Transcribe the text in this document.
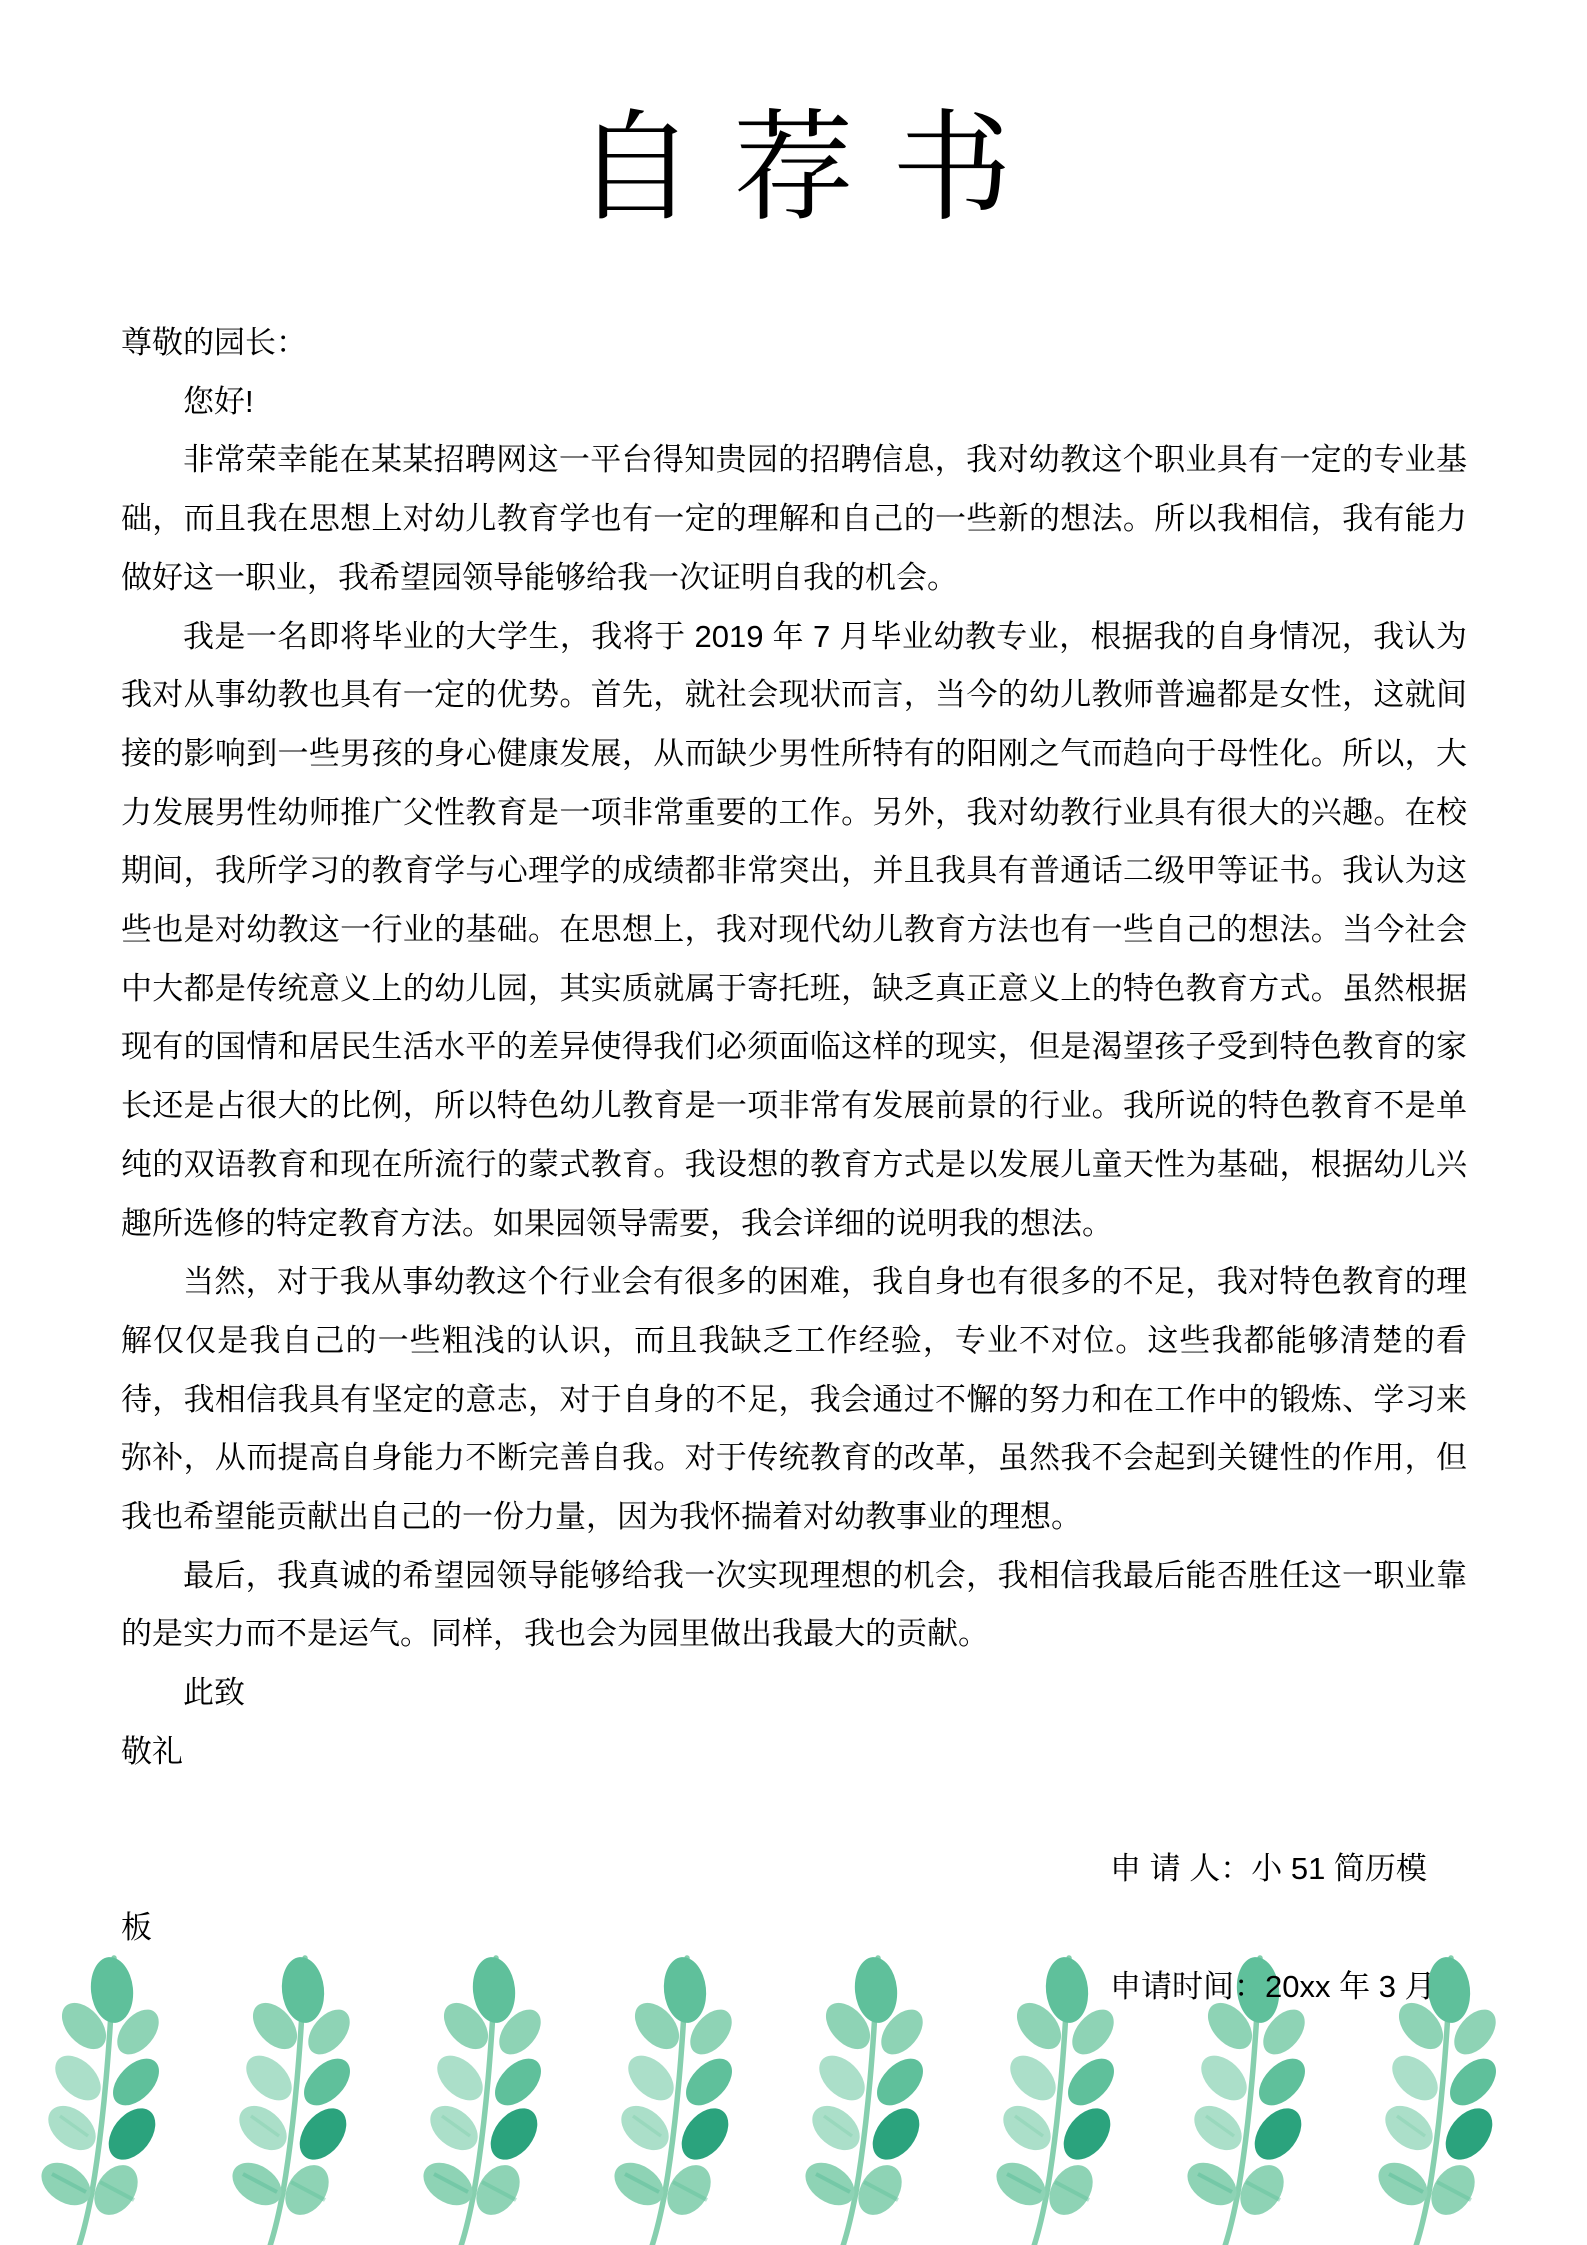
自荐书

尊敬的园长：

您好!

非常荣幸能在某某招聘网这一平台得知贵园的招聘信息，我对幼教这个职业具有一定的专业基础，而且我在思想上对幼儿教育学也有一定的理解和自己的一些新的想法。所以我相信，我有能力做好这一职业，我希望园领导能够给我一次证明自我的机会。

我是一名即将毕业的大学生，我将于 2019 年 7 月毕业幼教专业，根据我的自身情况，我认为我对从事幼教也具有一定的优势。首先，就社会现状而言，当今的幼儿教师普遍都是女性，这就间接的影响到一些男孩的身心健康发展，从而缺少男性所特有的阳刚之气而趋向于母性化。所以，大力发展男性幼师推广父性教育是一项非常重要的工作。另外，我对幼教行业具有很大的兴趣。在校期间，我所学习的教育学与心理学的成绩都非常突出，并且我具有普通话二级甲等证书。我认为这些也是对幼教这一行业的基础。在思想上，我对现代幼儿教育方法也有一些自己的想法。当今社会中大都是传统意义上的幼儿园，其实质就属于寄托班，缺乏真正意义上的特色教育方式。虽然根据现有的国情和居民生活水平的差异使得我们必须面临这样的现实，但是渴望孩子受到特色教育的家长还是占很大的比例，所以特色幼儿教育是一项非常有发展前景的行业。我所说的特色教育不是单纯的双语教育和现在所流行的蒙式教育。我设想的教育方式是以发展儿童天性为基础，根据幼儿兴趣所选修的特定教育方法。如果园领导需要，我会详细的说明我的想法。

当然，对于我从事幼教这个行业会有很多的困难，我自身也有很多的不足，我对特色教育的理解仅仅是我自己的一些粗浅的认识，而且我缺乏工作经验，专业不对位。这些我都能够清楚的看待，我相信我具有坚定的意志，对于自身的不足，我会通过不懈的努力和在工作中的锻炼、学习来弥补，从而提高自身能力不断完善自我。对于传统教育的改革，虽然我不会起到关键性的作用，但我也希望能贡献出自己的一份力量，因为我怀揣着对幼教事业的理想。

最后，我真诚的希望园领导能够给我一次实现理想的机会，我相信我最后能否胜任这一职业靠的是实力而不是运气。同样，我也会为园里做出我最大的贡献。

此致

敬礼

申 请 人：小 51 简历模

板

申请时间：20xx 年 3 月
